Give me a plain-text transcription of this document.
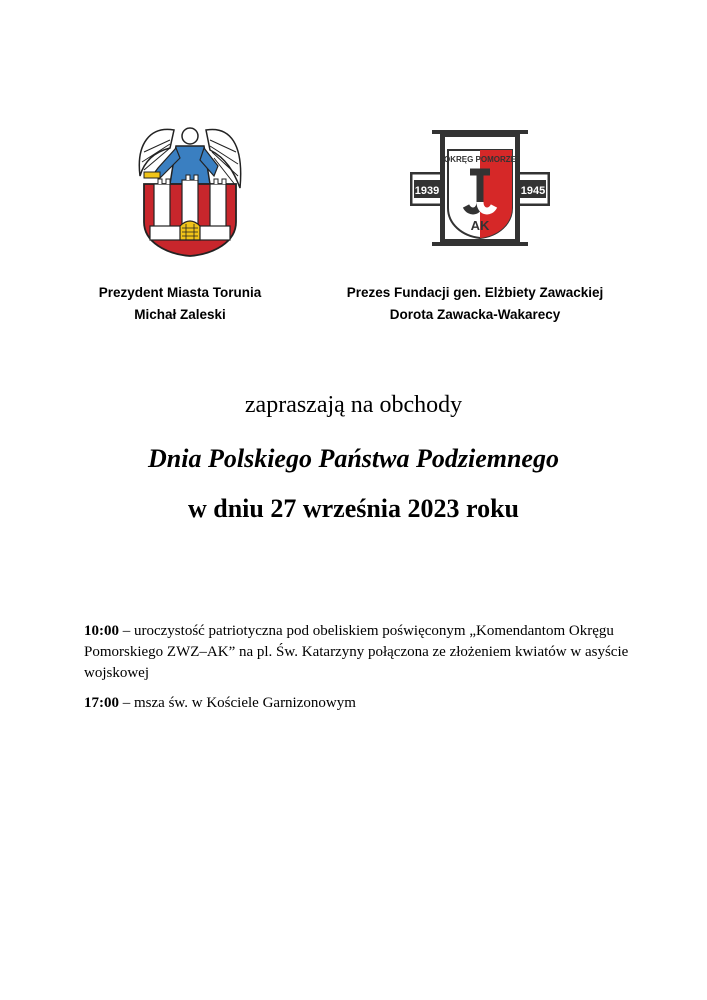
1939	1945
OKRĘG POMORZE
AK
Prezydent Miasta Torunia
Michał Zaleski
Prezes Fundacji gen. Elżbiety Zawackiej
Dorota Zawacka-Wakarecy
zapraszają na obchody
Dnia Polskiego Państwa Podziemnego
w dniu 27 września 2023 roku
10:00 – uroczystość patriotyczna pod obeliskiem poświęconym „Komendantom Okręgu Pomorskiego ZWZ–AK” na pl. Św. Katarzyny połączona ze złożeniem kwiatów w asyście wojskowej
17:00 – msza św. w Kościele Garnizonowym
